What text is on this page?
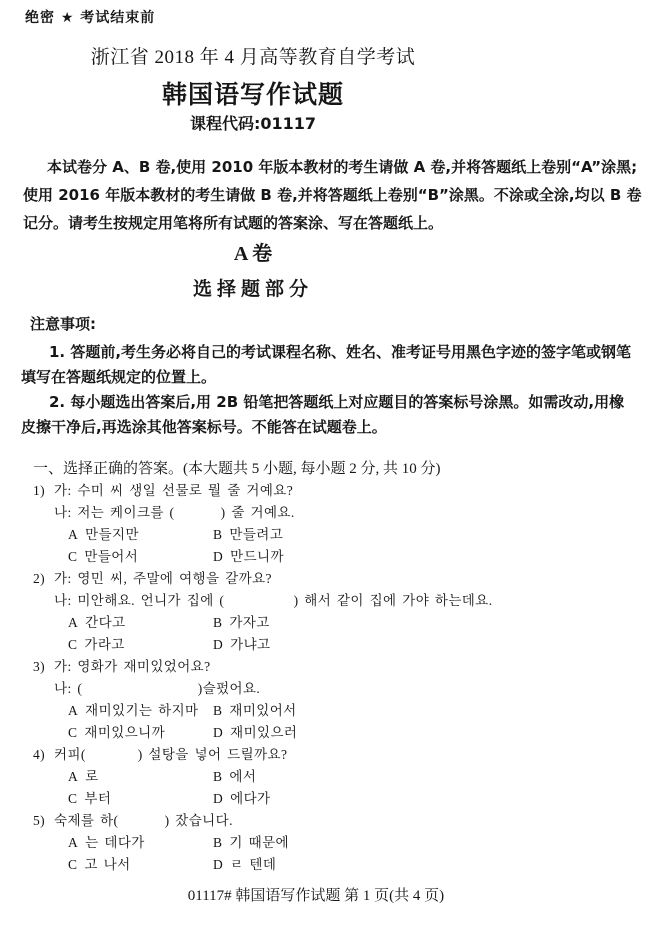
绝密 ★ 考试结束前
浙江省 2018 年 4 月高等教育自学考试
韩国语写作试题
课程代码:01117
本试卷分 A、B 卷,使用 2010 年版本教材的考生请做 A 卷,并将答题纸上卷别“A”涂黑;
使用 2016 年版本教材的考生请做 B 卷,并将答题纸上卷别“B”涂黑。不涂或全涂,均以 B 卷
记分。请考生按规定用笔将所有试题的答案涂、写在答题纸上。
A 卷
选择题部分
注意事项:
1. 答题前,考生务必将自己的考试课程名称、姓名、准考证号用黑色字迹的签字笔或钢笔
填写在答题纸规定的位置上。
2. 每小题选出答案后,用 2B 铅笔把答题纸上对应题目的答案标号涂黑。如需改动,用橡
皮擦干净后,再选涂其他答案标号。不能答在试题卷上。
一、选择正确的答案。(本大题共 5 小题, 每小题 2 分, 共 10 分)
1) 가: 수미 씨 생일 선물로 뭘 줄 거예요?
나: 저는 케이크를 (        ) 줄 거예요.
A 만들지만	B 만들려고
C 만들어서	D 만드니까
2) 가: 영민 씨, 주말에 여행을 갈까요?
나: 미안해요. 언니가 집에 (            ) 해서 같이 집에 가야 하는데요.
A 간다고	B 가자고
C 가라고	D 가냐고
3) 가: 영화가 재미있었어요?
나: (                    )슬펐어요.
A 재미있기는 하지마 B 재미있어서
C 재미있으니까	D 재미있으러
4) 커피(         ) 설탕을 넣어 드릴까요?
A 로	B 에서
C 부터	D 에다가
5) 숙제를 하(        ) 잤습니다.
A 는 데다가	B 기 때문에
C 고 나서	D ㄹ 텐데
01117# 韩国语写作试题 第 1 页(共 4 页)
